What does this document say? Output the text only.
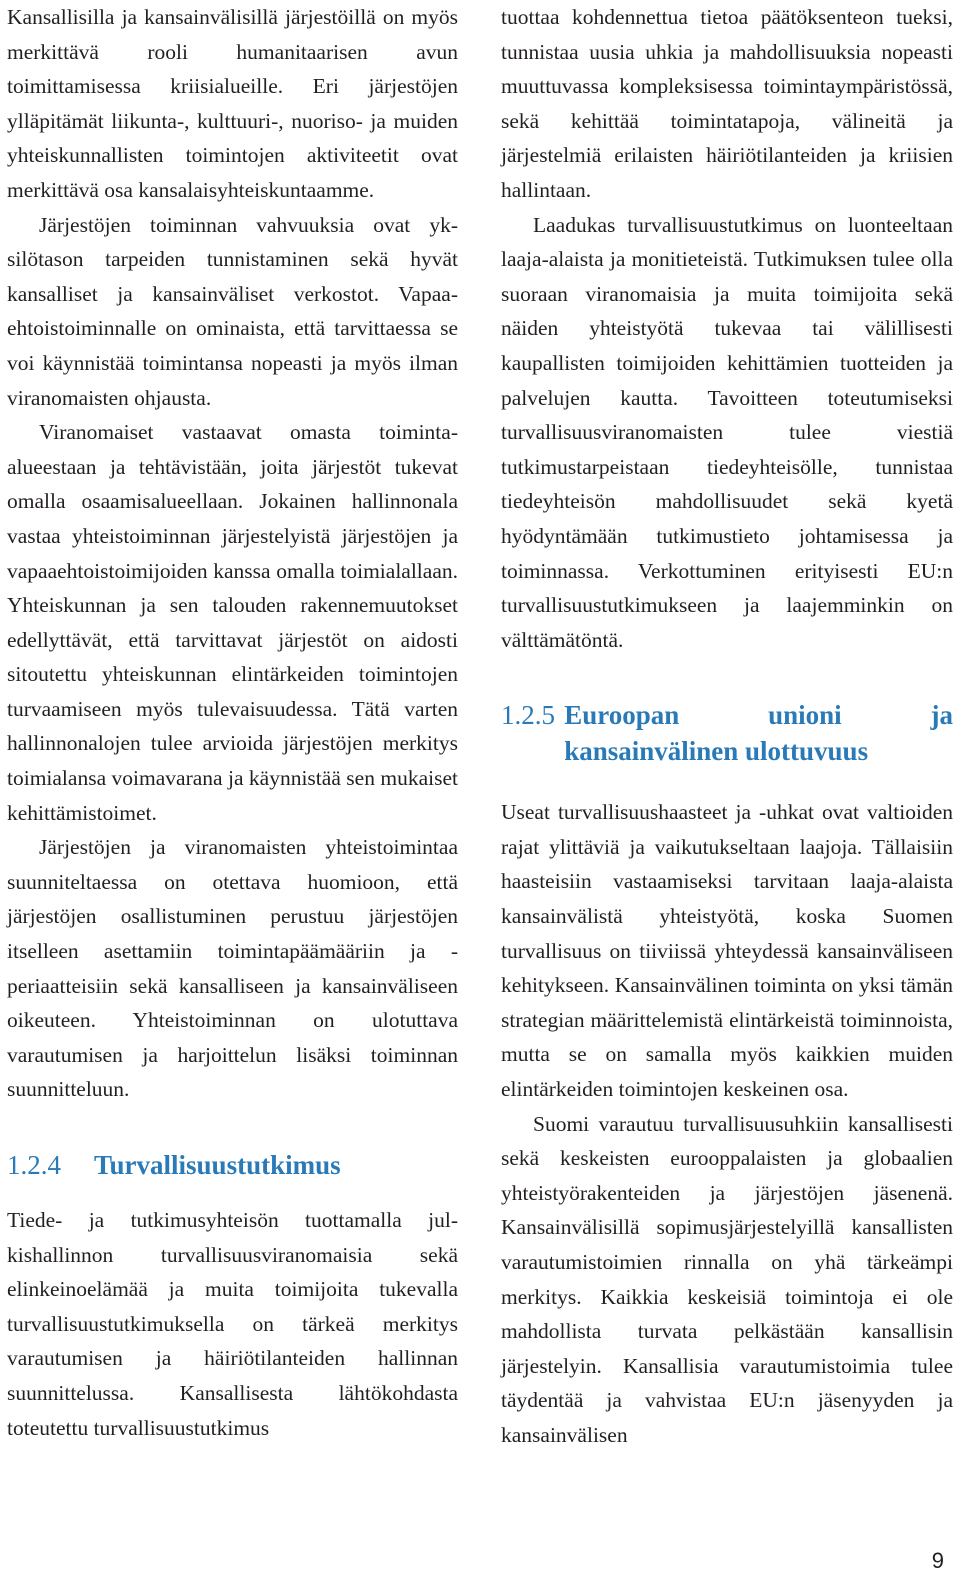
Kansallisilla ja kansainvälisillä järjestöillä on myös merkittävä rooli humanitaarisen avun toimittamisessa kriisialueille. Eri järjestöjen ylläpitämät liikunta-, kulttuuri-, nuoriso- ja muiden yhteiskunnallisten toimintojen aktiviteetit ovat merkittävä osa kansalaisyhteiskuntaamme.

Järjestöjen toiminnan vahvuuksia ovat yksilötason tarpeiden tunnistaminen sekä hyvät kansalliset ja kansainväliset verkostot. Vapaaehtoistoiminnalle on ominaista, että tarvittaessa se voi käynnistää toimintansa nopeasti ja myös ilman viranomaisten ohjausta.

Viranomaiset vastaavat omasta toiminta-alueestaan ja tehtävistään, joita järjestöt tukevat omalla osaamisalueellaan. Jokainen hallinnonala vastaa yhteistoiminnan järjestelyistä järjestöjen ja vapaaehtoistoimijoiden kanssa omalla toimialallaan. Yhteiskunnan ja sen talouden rakennemuutokset edellyttävät, että tarvittavat järjestöt on aidosti sitoutettu yhteiskunnan elintärkeiden toimintojen turvaamiseen myös tulevaisuudessa. Tätä varten hallinnonalojen tulee arvioida järjestöjen merkitys toimialansa voimavarana ja käynnistää sen mukaiset kehittämistoimet.

Järjestöjen ja viranomaisten yhteistoimintaa suunniteltaessa on otettava huomioon, että järjestöjen osallistuminen perustuu järjestöjen itselleen asettamiin toimintapäämääriin ja -periaatteisiin sekä kansalliseen ja kansainväliseen oikeuteen. Yhteistoiminnan on ulotuttava varautumisen ja harjoittelun lisäksi toiminnan suunnitteluun.

1.2.4	Turvallisuustutkimus

Tiede- ja tutkimusyhteisön tuottamalla julkishallinnon turvallisuusviranomaisia sekä elinkeinoelämää ja muita toimijoita tukevalla turvallisuustutkimuksella on tärkeä merkitys varautumisen ja häiriötilanteiden hallinnan suunnittelussa. Kansallisesta lähtökohdasta toteutettu turvallisuustutkimus

tuottaa kohdennettua tietoa päätöksenteon tueksi, tunnistaa uusia uhkia ja mahdollisuuksia nopeasti muuttuvassa kompleksisessa toimintaympäristössä, sekä kehittää toimintatapoja, välineitä ja järjestelmiä erilaisten häiriötilanteiden ja kriisien hallintaan.

Laadukas turvallisuustutkimus on luonteeltaan laaja-alaista ja monitieteistä. Tutkimuksen tulee olla suoraan viranomaisia ja muita toimijoita sekä näiden yhteistyötä tukevaa tai välillisesti kaupallisten toimijoiden kehittämien tuotteiden ja palvelujen kautta. Tavoitteen toteutumiseksi turvallisuusviranomaisten tulee viestiä tutkimustarpeistaan tiedeyhteisölle, tunnistaa tiedeyhteisön mahdollisuudet sekä kyetä hyödyntämään tutkimustieto johtamisessa ja toiminnassa. Verkottuminen erityisesti EU:n turvallisuustutkimukseen ja laajemminkin on välttämätöntä.

1.2.5 Euroopan unioni ja kansainvälinen ulottuvuus

Useat turvallisuushaasteet ja -uhkat ovat valtioiden rajat ylittäviä ja vaikutukseltaan laajoja. Tällaisiin haasteisiin vastaamiseksi tarvitaan laaja-alaista kansainvälistä yhteistyötä, koska Suomen turvallisuus on tiiviissä yhteydessä kansainväliseen kehitykseen. Kansainvälinen toiminta on yksi tämän strategian määrittelemistä elintärkeistä toiminnoista, mutta se on samalla myös kaikkien muiden elintärkeiden toimintojen keskeinen osa.

Suomi varautuu turvallisuusuhkiin kansallisesti sekä keskeisten eurooppalaisten ja globaalien yhteistyörakenteiden ja järjestöjen jäsenenä. Kansainvälisillä sopimusjärjestelyillä kansallisten varautumistoimien rinnalla on yhä tärkeämpi merkitys. Kaikkia keskeisiä toimintoja ei ole mahdollista turvata pelkästään kansallisin järjestelyin. Kansallisia varautumistoimia tulee täydentää ja vahvistaa EU:n jäsenyyden ja kansainvälisen

9
